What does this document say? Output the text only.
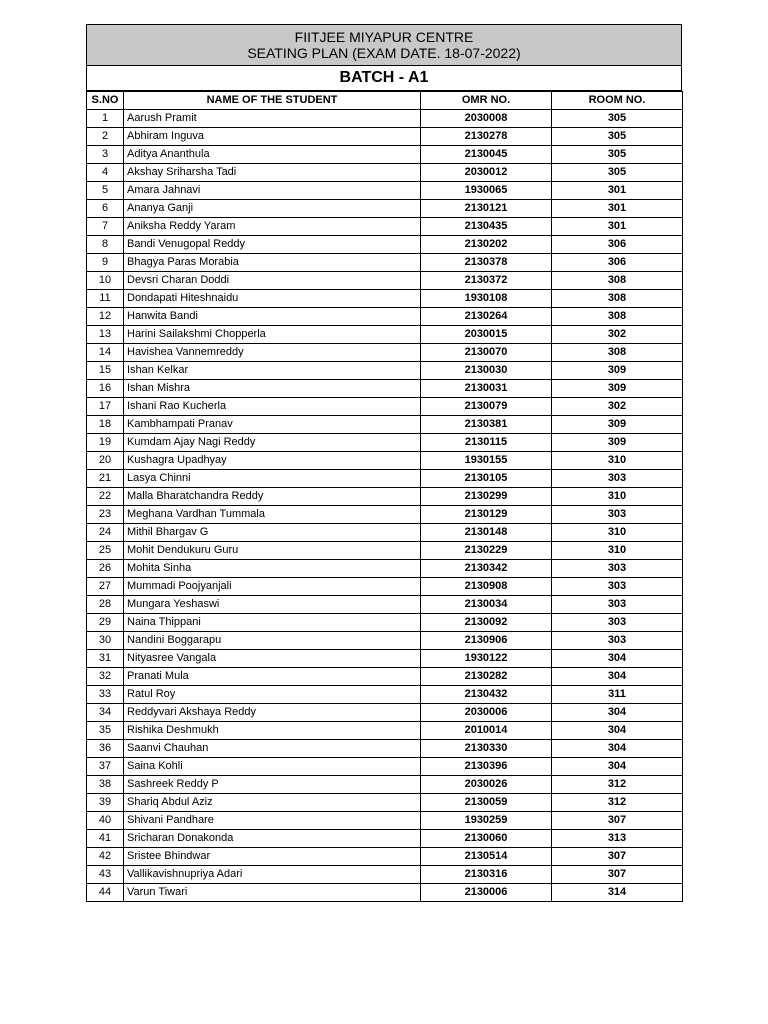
FIITJEE MIYAPUR CENTRE
SEATING PLAN (EXAM DATE. 18-07-2022)
BATCH - A1
S.NO	NAME OF THE STUDENT	OMR NO.	ROOM NO.
1	Aarush Pramit	2030008	305
2	Abhiram Inguva	2130278	305
3	Aditya Ananthula	2130045	305
4	Akshay Sriharsha Tadi	2030012	305
5	Amara Jahnavi	1930065	301
6	Ananya Ganji	2130121	301
7	Aniksha Reddy Yaram	2130435	301
8	Bandi Venugopal Reddy	2130202	306
9	Bhagya Paras Morabia	2130378	306
10	Devsri Charan Doddi	2130372	308
11	Dondapati Hiteshnaidu	1930108	308
12	Hanwita Bandi	2130264	308
13	Harini Sailakshmi Chopperla	2030015	302
14	Havishea Vannemreddy	2130070	308
15	Ishan Kelkar	2130030	309
16	Ishan Mishra	2130031	309
17	Ishani Rao Kucherla	2130079	302
18	Kambhampati Pranav	2130381	309
19	Kumdam Ajay Nagi Reddy	2130115	309
20	Kushagra Upadhyay	1930155	310
21	Lasya Chinni	2130105	303
22	Malla Bharatchandra Reddy	2130299	310
23	Meghana Vardhan Tummala	2130129	303
24	Mithil Bhargav G	2130148	310
25	Mohit Dendukuru Guru	2130229	310
26	Mohita Sinha	2130342	303
27	Mummadi Poojyanjali	2130908	303
28	Mungara Yeshaswi	2130034	303
29	Naina Thippani	2130092	303
30	Nandini Boggarapu	2130906	303
31	Nityasree Vangala	1930122	304
32	Pranati Mula	2130282	304
33	Ratul Roy	2130432	311
34	Reddyvari Akshaya Reddy	2030006	304
35	Rishika Deshmukh	2010014	304
36	Saanvi Chauhan	2130330	304
37	Saina Kohli	2130396	304
38	Sashreek Reddy P	2030026	312
39	Shariq Abdul Aziz	2130059	312
40	Shivani Pandhare	1930259	307
41	Sricharan Donakonda	2130060	313
42	Sristee Bhindwar	2130514	307
43	Vallikavishnupriya Adari	2130316	307
44	Varun Tiwari	2130006	314
